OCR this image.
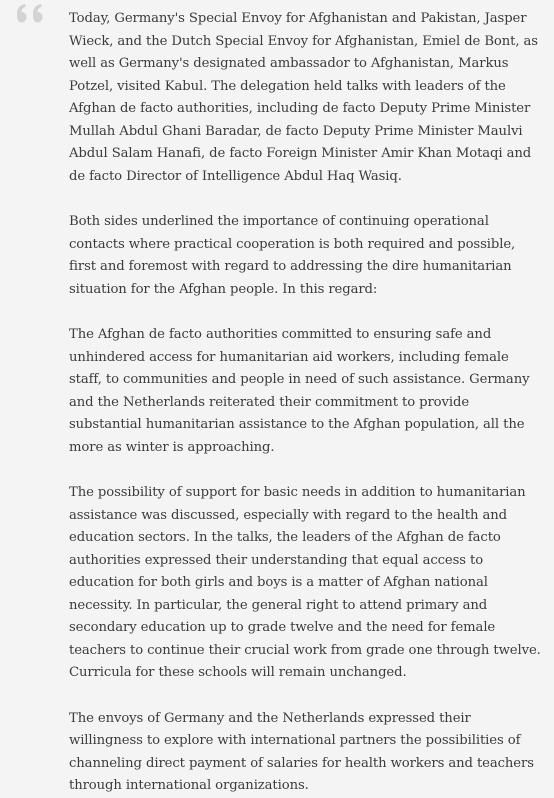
Today, Germany's Special Envoy for Afghanistan and Pakistan, Jasper Wieck, and the Dutch Special Envoy for Afghanistan, Emiel de Bont, as well as Germany's designated ambassador to Afghanistan, Markus Potzel, visited Kabul. The delegation held talks with leaders of the Afghan de facto authorities, including de facto Deputy Prime Minister Mullah Abdul Ghani Baradar, de facto Deputy Prime Minister Maulvi Abdul Salam Hanafi, de facto Foreign Minister Amir Khan Motaqi and de facto Director of Intelligence Abdul Haq Wasiq.

Both sides underlined the importance of continuing operational contacts where practical cooperation is both required and possible, first and foremost with regard to addressing the dire humanitarian situation for the Afghan people. In this regard:

The Afghan de facto authorities committed to ensuring safe and unhindered access for humanitarian aid workers, including female staff, to communities and people in need of such assistance. Germany and the Netherlands reiterated their commitment to provide substantial humanitarian assistance to the Afghan population, all the more as winter is approaching.

The possibility of support for basic needs in addition to humanitarian assistance was discussed, especially with regard to the health and education sectors. In the talks, the leaders of the Afghan de facto authorities expressed their understanding that equal access to education for both girls and boys is a matter of Afghan national necessity. In particular, the general right to attend primary and secondary education up to grade twelve and the need for female teachers to continue their crucial work from grade one through twelve. Curricula for these schools will remain unchanged.

The envoys of Germany and the Netherlands expressed their willingness to explore with international partners the possibilities of channeling direct payment of salaries for health workers and teachers through international organizations.
